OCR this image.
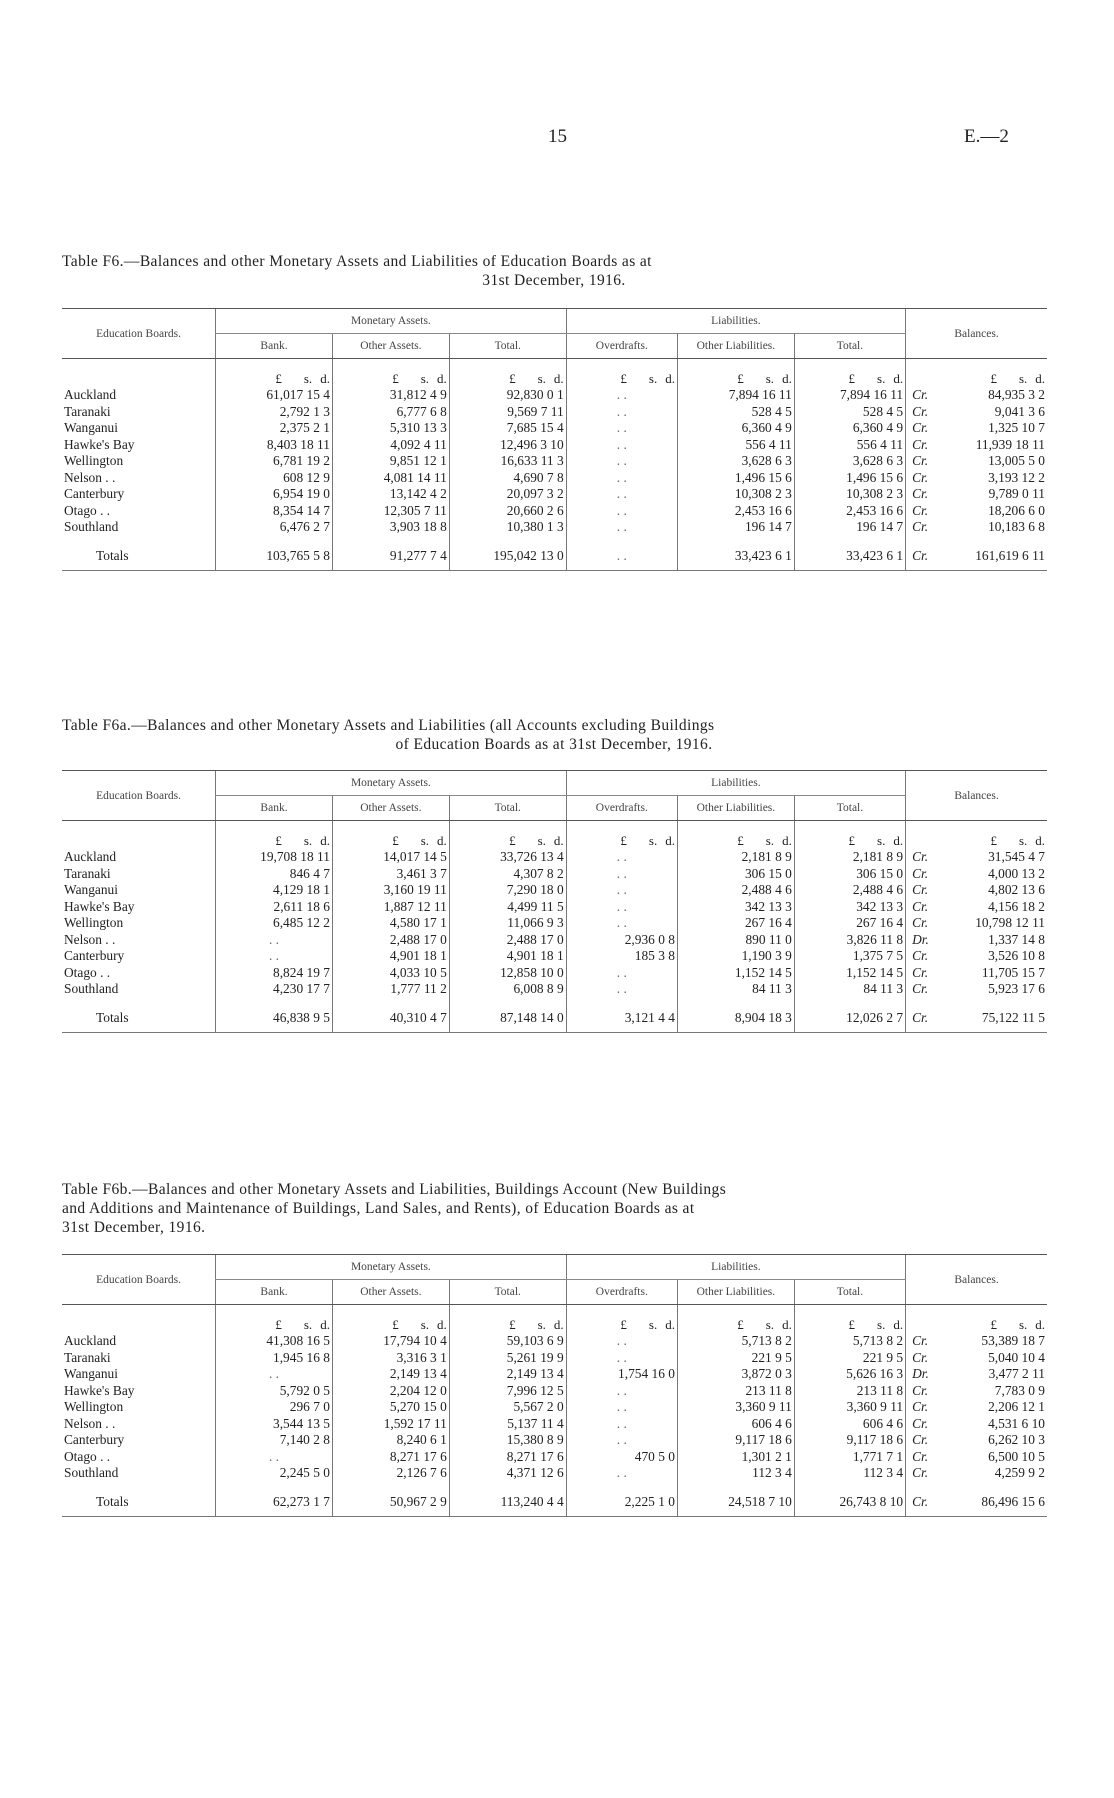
15	E.—2
Table F6.—Balances and other Monetary Assets and Liabilities of Education Boards as at
31st December, 1916.
Education Boards.	Monetary Assets.			Liabilities.			Balances.	
	Bank.	Other Assets.	Total.	Overdrafts.	Other Liabilities.	Total.		
	£ s. d.	£ s. d.	£ s. d.	£ s. d.	£ s. d.	£ s. d.		£ s. d.
Auckland	61,017 15 4	31,812 4 9	92,830 0 1	. .	7,894 16 11	7,894 16 11	Cr.	84,935 3 2
Taranaki	2,792 1 3	6,777 6 8	9,569 7 11	. .	528 4 5	528 4 5	Cr.	9,041 3 6
Wanganui	2,375 2 1	5,310 13 3	7,685 15 4	. .	6,360 4 9	6,360 4 9	Cr.	1,325 10 7
Hawke's Bay	8,403 18 11	4,092 4 11	12,496 3 10	. .	556 4 11	556 4 11	Cr.	11,939 18 11
Wellington	6,781 19 2	9,851 12 1	16,633 11 3	. .	3,628 6 3	3,628 6 3	Cr.	13,005 5 0
Nelson . .	608 12 9	4,081 14 11	4,690 7 8	. .	1,496 15 6	1,496 15 6	Cr.	3,193 12 2
Canterbury	6,954 19 0	13,142 4 2	20,097 3 2	. .	10,308 2 3	10,308 2 3	Cr.	9,789 0 11
Otago . .	8,354 14 7	12,305 7 11	20,660 2 6	. .	2,453 16 6	2,453 16 6	Cr.	18,206 6 0
Southland	6,476 2 7	3,903 18 8	10,380 1 3	. .	196 14 7	196 14 7	Cr.	10,183 6 8
Totals	103,765 5 8	91,277 7 4	195,042 13 0	. .	33,423 6 1	33,423 6 1	Cr.	161,619 6 11
Table F6a.—Balances and other Monetary Assets and Liabilities (all Accounts excluding Buildings
of Education Boards as at 31st December, 1916.
Education Boards.	Monetary Assets.			Liabilities.			Balances.	
	Bank.	Other Assets.	Total.	Overdrafts.	Other Liabilities.	Total.		
	£ s. d.	£ s. d.	£ s. d.	£ s. d.	£ s. d.	£ s. d.		£ s. d.
Auckland	19,708 18 11	14,017 14 5	33,726 13 4	. .	2,181 8 9	2,181 8 9	Cr.	31,545 4 7
Taranaki	846 4 7	3,461 3 7	4,307 8 2	. .	306 15 0	306 15 0	Cr.	4,000 13 2
Wanganui	4,129 18 1	3,160 19 11	7,290 18 0	. .	2,488 4 6	2,488 4 6	Cr.	4,802 13 6
Hawke's Bay	2,611 18 6	1,887 12 11	4,499 11 5	. .	342 13 3	342 13 3	Cr.	4,156 18 2
Wellington	6,485 12 2	4,580 17 1	11,066 9 3	. .	267 16 4	267 16 4	Cr.	10,798 12 11
Nelson . .	. .	2,488 17 0	2,488 17 0	2,936 0 8	890 11 0	3,826 11 8	Dr.	1,337 14 8
Canterbury	. .	4,901 18 1	4,901 18 1	185 3 8	1,190 3 9	1,375 7 5	Cr.	3,526 10 8
Otago . .	8,824 19 7	4,033 10 5	12,858 10 0	. .	1,152 14 5	1,152 14 5	Cr.	11,705 15 7
Southland	4,230 17 7	1,777 11 2	6,008 8 9	. .	84 11 3	84 11 3	Cr.	5,923 17 6
Totals	46,838 9 5	40,310 4 7	87,148 14 0	3,121 4 4	8,904 18 3	12,026 2 7	Cr.	75,122 11 5
Table F6b.—Balances and other Monetary Assets and Liabilities, Buildings Account (New Buildings
and Additions and Maintenance of Buildings, Land Sales, and Rents), of Education Boards as at
31st December, 1916.
Education Boards.	Monetary Assets.			Liabilities.			Balances.	
	Bank.	Other Assets.	Total.	Overdrafts.	Other Liabilities.	Total.		
	£ s. d.	£ s. d.	£ s. d.	£ s. d.	£ s. d.	£ s. d.		£ s. d.
Auckland	41,308 16 5	17,794 10 4	59,103 6 9	. .	5,713 8 2	5,713 8 2	Cr.	53,389 18 7
Taranaki	1,945 16 8	3,316 3 1	5,261 19 9	. .	221 9 5	221 9 5	Cr.	5,040 10 4
Wanganui	. .	2,149 13 4	2,149 13 4	1,754 16 0	3,872 0 3	5,626 16 3	Dr.	3,477 2 11
Hawke's Bay	5,792 0 5	2,204 12 0	7,996 12 5	. .	213 11 8	213 11 8	Cr.	7,783 0 9
Wellington	296 7 0	5,270 15 0	5,567 2 0	. .	3,360 9 11	3,360 9 11	Cr.	2,206 12 1
Nelson . .	3,544 13 5	1,592 17 11	5,137 11 4	. .	606 4 6	606 4 6	Cr.	4,531 6 10
Canterbury	7,140 2 8	8,240 6 1	15,380 8 9	. .	9,117 18 6	9,117 18 6	Cr.	6,262 10 3
Otago . .	. .	8,271 17 6	8,271 17 6	470 5 0	1,301 2 1	1,771 7 1	Cr.	6,500 10 5
Southland	2,245 5 0	2,126 7 6	4,371 12 6	. .	112 3 4	112 3 4	Cr.	4,259 9 2
Totals	62,273 1 7	50,967 2 9	113,240 4 4	2,225 1 0	24,518 7 10	26,743 8 10	Cr.	86,496 15 6
